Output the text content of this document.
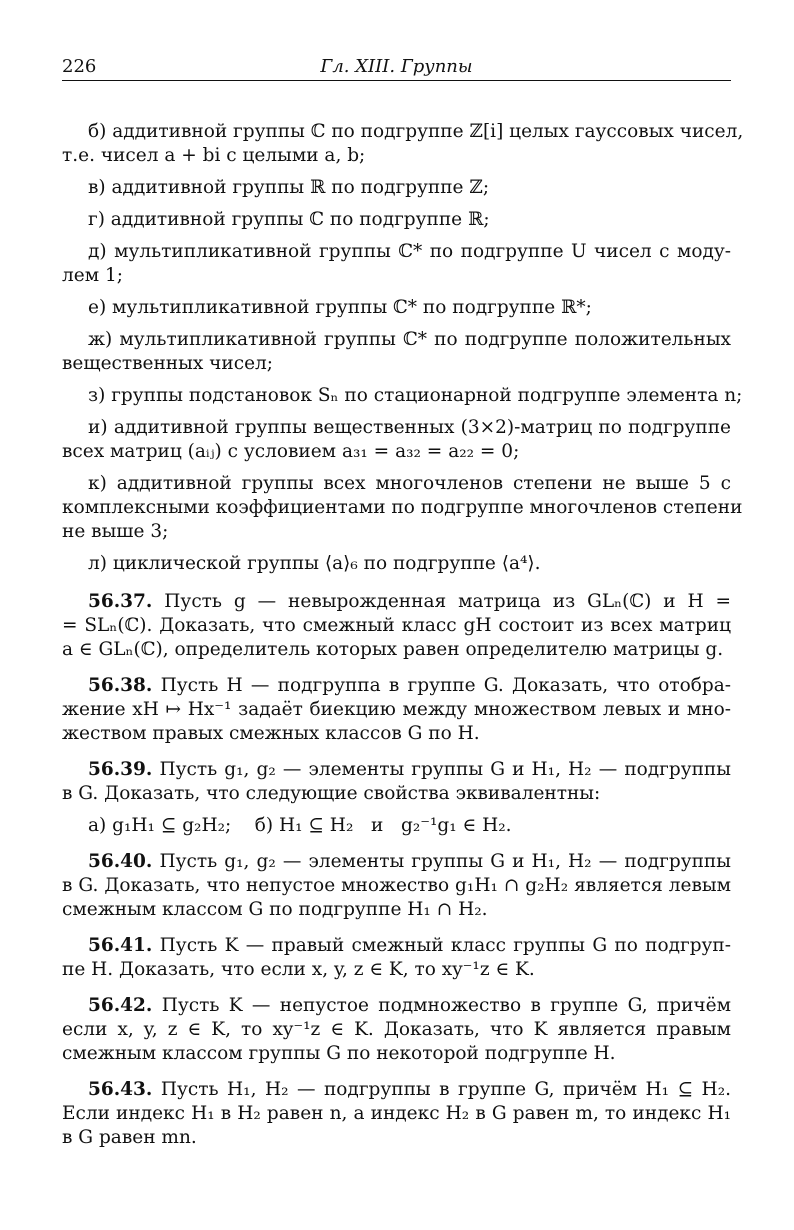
226	Гл. XIII. Группы
б) аддитивной группы ℂ по подгруппе ℤ[i] целых гауссовых чисел,
т.е. чисел a + bi с целыми a, b;
в) аддитивной группы ℝ по подгруппе ℤ;
г) аддитивной группы ℂ по подгруппе ℝ;
д) мультипликативной группы ℂ* по подгруппе U чисел с моду-
лем 1;
е) мультипликативной группы ℂ* по подгруппе ℝ*;
ж) мультипликативной группы ℂ* по подгруппе положительных
вещественных чисел;
з) группы подстановок Sₙ по стационарной подгруппе элемента n;
и) аддитивной группы вещественных (3×2)-матриц по подгруппе
всех матриц (aᵢⱼ) с условием a₃₁ = a₃₂ = a₂₂ = 0;
к) аддитивной группы всех многочленов степени не выше 5 с
комплексными коэффициентами по подгруппе многочленов степени
не выше 3;
л) циклической группы ⟨a⟩₆ по подгруппе ⟨a⁴⟩.
56.37. Пусть g — невырожденная матрица из GLₙ(ℂ) и H =
= SLₙ(ℂ). Доказать, что смежный класс gH состоит из всех матриц
a ∈ GLₙ(ℂ), определитель которых равен определителю матрицы g.
56.38. Пусть H — подгруппа в группе G. Доказать, что отобра-
жение xH ↦ Hx⁻¹ задаёт биекцию между множеством левых и мно-
жеством правых смежных классов G по H.
56.39. Пусть g₁, g₂ — элементы группы G и H₁, H₂ — подгруппы
в G. Доказать, что следующие свойства эквивалентны:
а) g₁H₁ ⊆ g₂H₂;    б) H₁ ⊆ H₂   и   g₂⁻¹g₁ ∈ H₂.
56.40. Пусть g₁, g₂ — элементы группы G и H₁, H₂ — подгруппы
в G. Доказать, что непустое множество g₁H₁ ∩ g₂H₂ является левым
смежным классом G по подгруппе H₁ ∩ H₂.
56.41. Пусть K — правый смежный класс группы G по подгруп-
пе H. Доказать, что если x, y, z ∈ K, то xy⁻¹z ∈ K.
56.42. Пусть K — непустое подмножество в группе G, причём
если x, y, z ∈ K, то xy⁻¹z ∈ K. Доказать, что K является правым
смежным классом группы G по некоторой подгруппе H.
56.43. Пусть H₁, H₂ — подгруппы в группе G, причём H₁ ⊆ H₂.
Если индекс H₁ в H₂ равен n, а индекс H₂ в G равен m, то индекс H₁
в G равен mn.
